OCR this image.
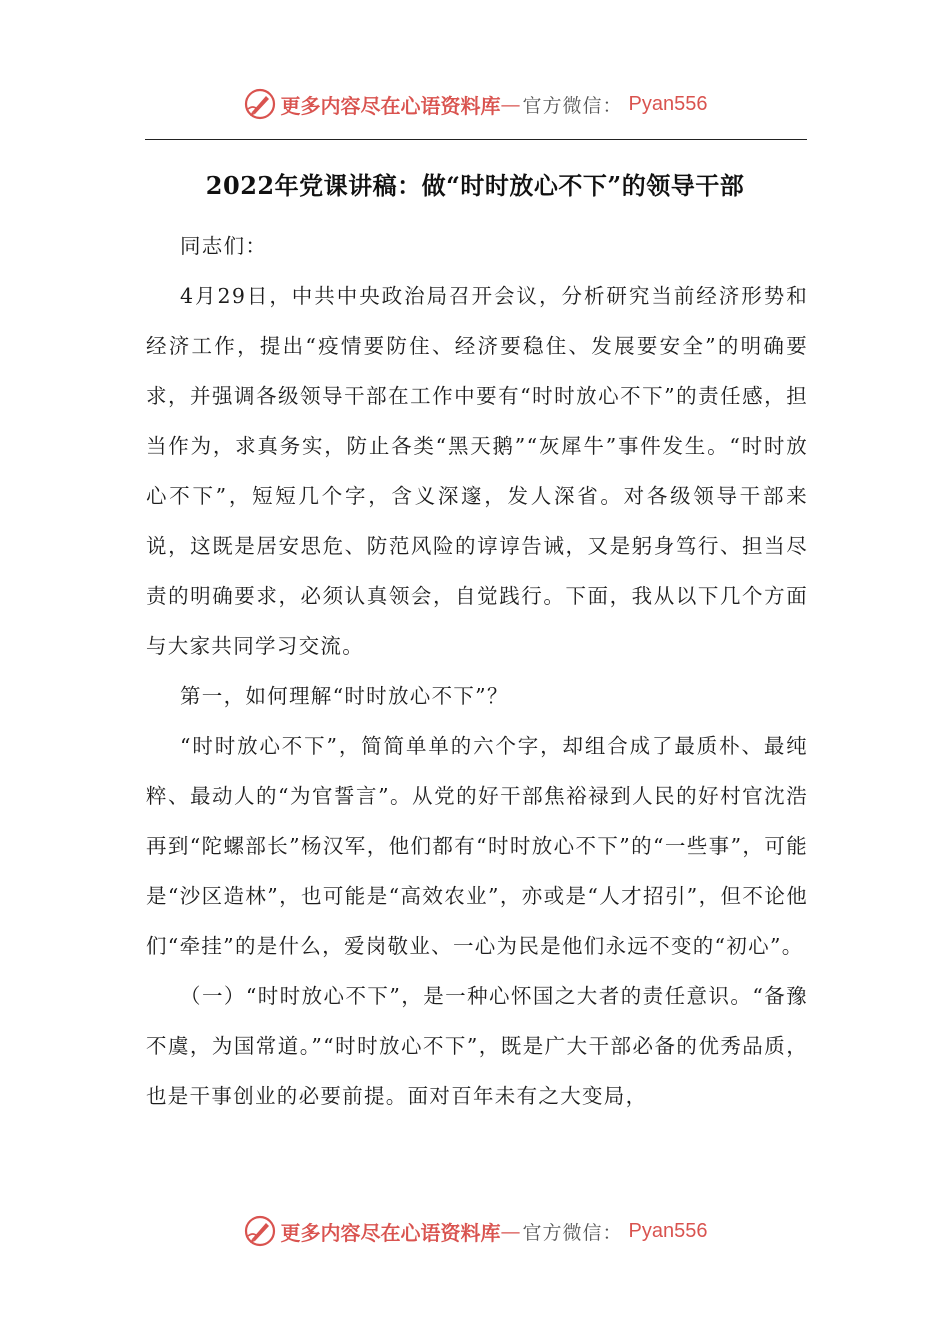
更多内容尽在心语资料库 — 官方微信： Pyan556
2022年党课讲稿：做“时时放心不下”的领导干部

同志们：

4月29日，中共中央政治局召开会议，分析研究当前经济形势和经济工作，提出“疫情要防住、经济要稳住、发展要安全”的明确要求，并强调各级领导干部在工作中要有“时时放心不下”的责任感，担当作为，求真务实，防止各类“黑天鹅”“灰犀牛”事件发生。“时时放心不下”，短短几个字，含义深邃，发人深省。对各级领导干部来说，这既是居安思危、防范风险的谆谆告诫，又是躬身笃行、担当尽责的明确要求，必须认真领会，自觉践行。下面，我从以下几个方面与大家共同学习交流。

第一，如何理解“时时放心不下”？

“时时放心不下”，简简单单的六个字，却组合成了最质朴、最纯粹、最动人的“为官誓言”。从党的好干部焦裕禄到人民的好村官沈浩再到“陀螺部长”杨汉军，他们都有“时时放心不下”的“一些事”，可能是“沙区造林”，也可能是“高效农业”，亦或是“人才招引”，但不论他们“牵挂”的是什么，爱岗敬业、一心为民是他们永远不变的“初心”。

（一）“时时放心不下”，是一种心怀国之大者的责任意识。“备豫不虞，为国常道。”“时时放心不下”，既是广大干部必备的优秀品质，也是干事创业的必要前提。面对百年未有之大变局，

更多内容尽在心语资料库 — 官方微信： Pyan556
